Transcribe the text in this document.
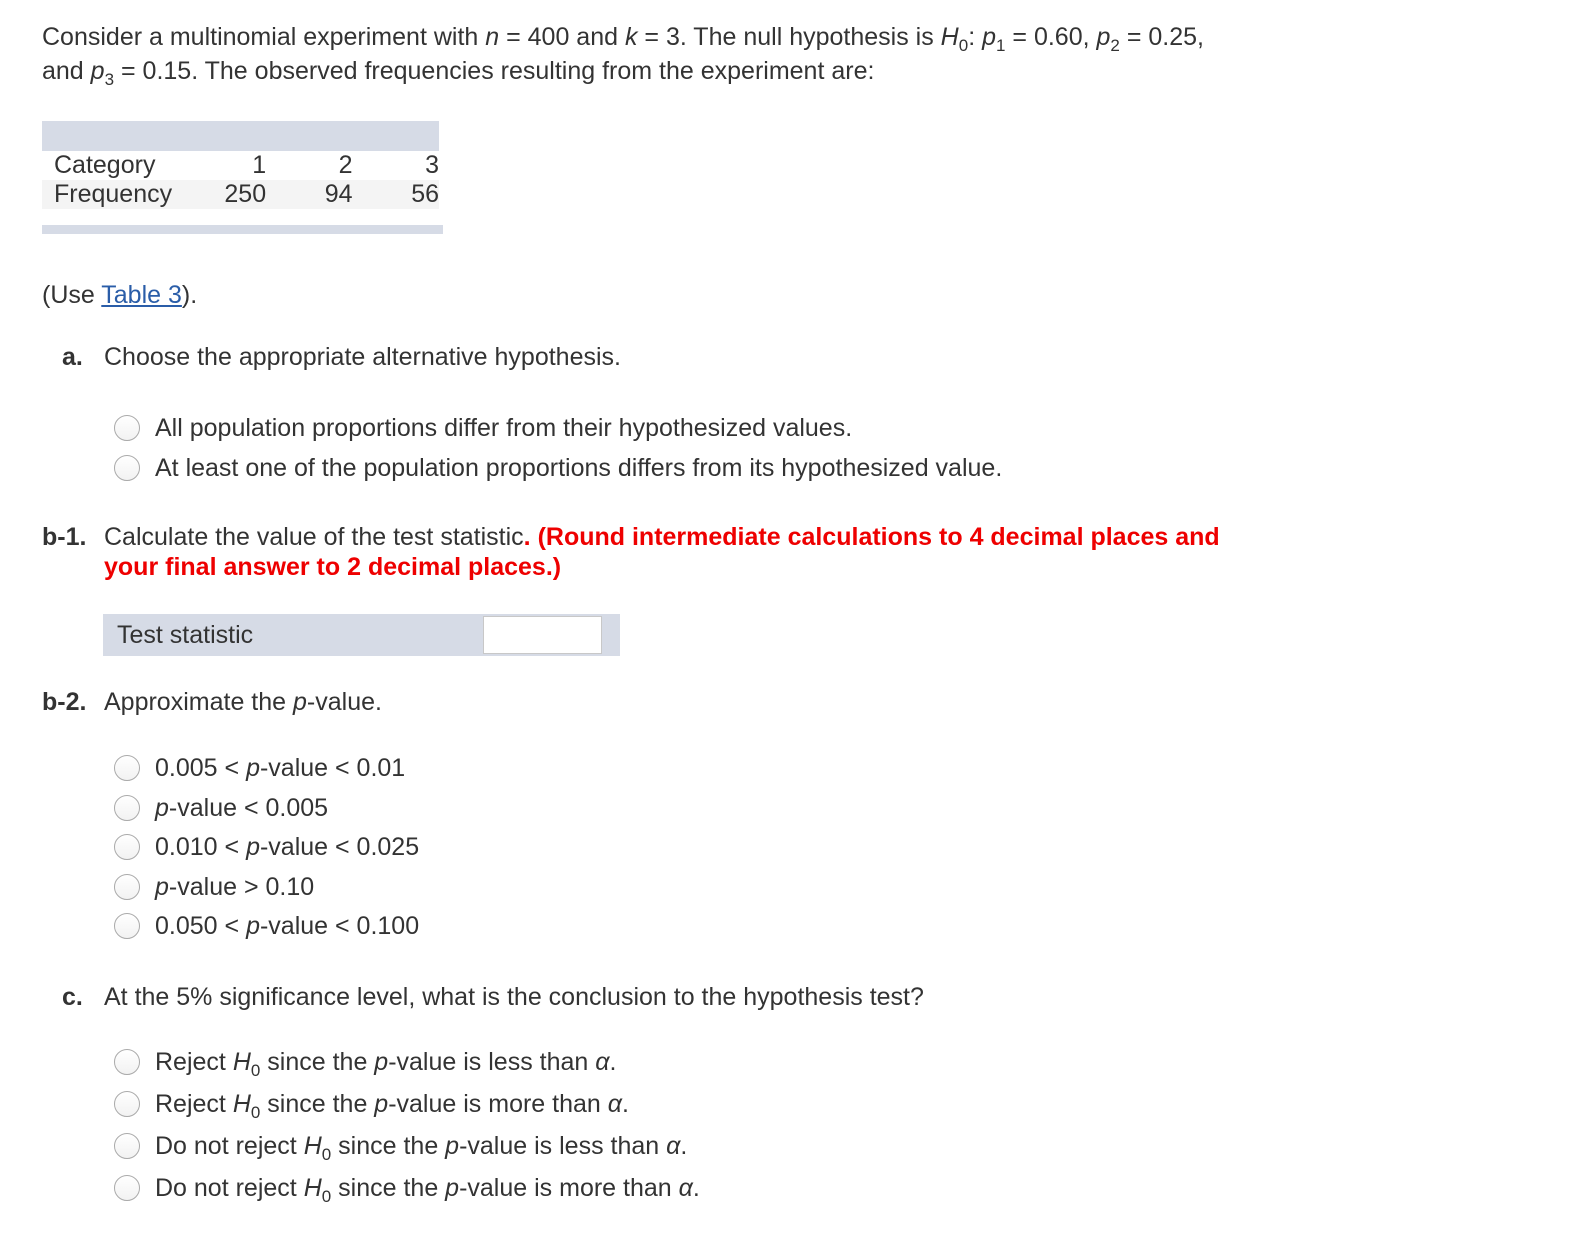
Consider a multinomial experiment with n = 400 and k = 3. The null hypothesis is $H_0$: $p_1 = 0.60$, $p_2 = 0.25$,
and $p_3 = 0.15$. The observed frequencies resulting from the experiment are:
Category	1	2	3
Frequency	250	94	56
(Use Table 3).
a. Choose the appropriate alternative hypothesis.
All population proportions differ from their hypothesized values.
At least one of the population proportions differs from its hypothesized value.
b-1. Calculate the value of the test statistic. (Round intermediate calculations to 4 decimal places and
your final answer to 2 decimal places.)
Test statistic
b-2. Approximate the p-value.
0.005 < p-value < 0.01
p-value < 0.005
0.010 < p-value < 0.025
p-value > 0.10
0.050 < p-value < 0.100
c. At the 5% significance level, what is the conclusion to the hypothesis test?
Reject $H_0$ since the p-value is less than α.
Reject $H_0$ since the p-value is more than α.
Do not reject $H_0$ since the p-value is less than α.
Do not reject $H_0$ since the p-value is more than α.
